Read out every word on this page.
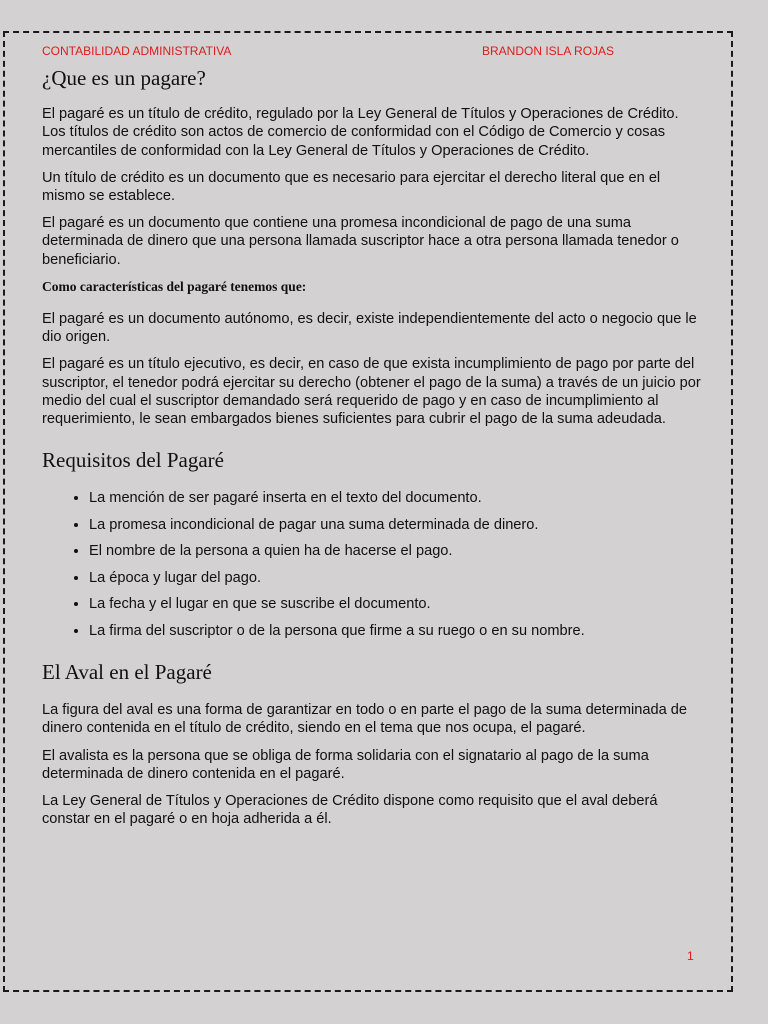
CONTABILIDAD ADMINISTRATIVA	BRANDON ISLA ROJAS
¿Que es un pagare?

El pagaré es un título de crédito, regulado por la Ley General de Títulos y Operaciones de Crédito. Los títulos de crédito son actos de comercio de conformidad con el Código de Comercio y cosas mercantiles de conformidad con la Ley General de Títulos y Operaciones de Crédito.

Un título de crédito es un documento que es necesario para ejercitar el derecho literal que en el mismo se establece.

El pagaré es un documento que contiene una promesa incondicional de pago de una suma determinada de dinero que una persona llamada suscriptor hace a otra persona llamada tenedor o beneficiario.

Como características del pagaré tenemos que:

El pagaré es un documento autónomo, es decir, existe independientemente del acto o negocio que le dio origen.

El pagaré es un título ejecutivo, es decir, en caso de que exista incumplimiento de pago por parte del suscriptor, el tenedor podrá ejercitar su derecho (obtener el pago de la suma) a través de un juicio por medio del cual el suscriptor demandado será requerido de pago y en caso de incumplimiento al requerimiento, le sean embargados bienes suficientes para cubrir el pago de la suma adeudada.

Requisitos del Pagaré
• La mención de ser pagaré inserta en el texto del documento.
• La promesa incondicional de pagar una suma determinada de dinero.
• El nombre de la persona a quien ha de hacerse el pago.
• La época y lugar del pago.
• La fecha y el lugar en que se suscribe el documento.
• La firma del suscriptor o de la persona que firme a su ruego o en su nombre.
El Aval en el Pagaré

La figura del aval es una forma de garantizar en todo o en parte el pago de la suma determinada de dinero contenida en el título de crédito, siendo en el tema que nos ocupa, el pagaré.

El avalista es la persona que se obliga de forma solidaria con el signatario al pago de la suma determinada de dinero contenida en el pagaré.

La Ley General de Títulos y Operaciones de Crédito dispone como requisito que el aval deberá constar en el pagaré o en hoja adherida a él.

1
